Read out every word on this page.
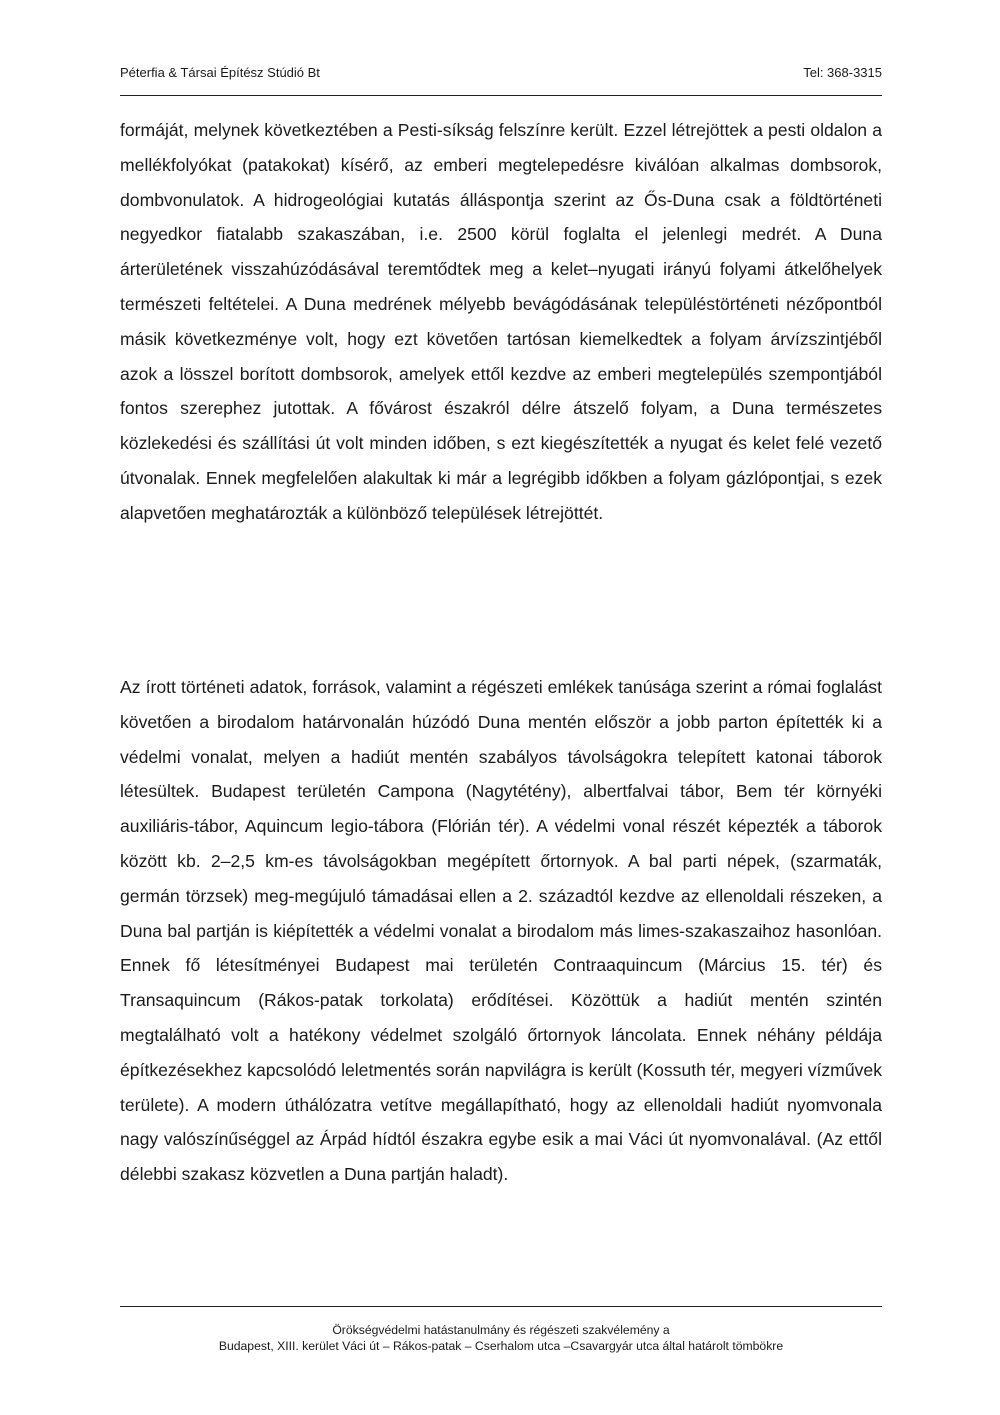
Péterfia & Társai Építész Stúdió Bt	Tel: 368-3315

formáját, melynek következtében a Pesti-síkság felszínre került. Ezzel létrejöttek a pesti oldalon a mellékfolyókat (patakokat) kísérő, az emberi megtelepedésre kiválóan alkalmas dombsorok, dombvonulatok. A hidrogeológiai kutatás álláspontja szerint az Ős-Duna csak a földtörténeti negyedkor fiatalabb szakaszában, i.e. 2500 körül foglalta el jelenlegi medrét. A Duna árterületének visszahúzódásával teremtődtek meg a kelet–nyugati irányú folyami átkelőhelyek természeti feltételei. A Duna medrének mélyebb bevágódásának településtörténeti nézőpontból másik következménye volt, hogy ezt követően tartósan kiemelkedtek a folyam árvízszintjéből azok a lösszel borított dombsorok, amelyek ettől kezdve az emberi megtelepülés szempontjából fontos szerephez jutottak. A fővárost északról délre átszelő folyam, a Duna természetes közlekedési és szállítási út volt minden időben, s ezt kiegészítették a nyugat és kelet felé vezető útvonalak. Ennek megfelelően alakultak ki már a legrégibb időkben a folyam gázlópontjai, s ezek alapvetően meghatározták a különböző települések létrejöttét.

Az írott történeti adatok, források, valamint a régészeti emlékek tanúsága szerint a római foglalást követően a birodalom határvonalán húzódó Duna mentén először a jobb parton építették ki a védelmi vonalat, melyen a hadiút mentén szabályos távolságokra telepített katonai táborok létesültek. Budapest területén Campona (Nagytétény), albertfalvai tábor, Bem tér környéki auxiliáris-tábor, Aquincum legio-tábora (Flórián tér). A védelmi vonal részét képezték a táborok között kb. 2–2,5 km-es távolságokban megépített őrtornyok. A bal parti népek, (szarmaták, germán törzsek) meg-megújuló támadásai ellen a 2. századtól kezdve az ellenoldali részeken, a Duna bal partján is kiépítették a védelmi vonalat a birodalom más limes-szakaszaihoz hasonlóan. Ennek fő létesítményei Budapest mai területén Contraaquincum (Március 15. tér) és Transaquincum (Rákos-patak torkolata) erődítései. Közöttük a hadiút mentén szintén megtalálható volt a hatékony védelmet szolgáló őrtornyok láncolata. Ennek néhány példája építkezésekhez kapcsolódó leletmentés során napvilágra is került (Kossuth tér, megyeri vízművek területe). A modern úthálózatra vetítve megállapítható, hogy az ellenoldali hadiút nyomvonala nagy valószínűséggel az Árpád hídtól északra egybe esik a mai Váci út nyomvonalával. (Az ettől délebbi szakasz közvetlen a Duna partján haladt).

Örökségvédelmi hatástanulmány és régészeti szakvélemény a
Budapest, XIII. kerület Váci út – Rákos-patak – Cserhalom utca –Csavargyár utca által határolt tömbökre
